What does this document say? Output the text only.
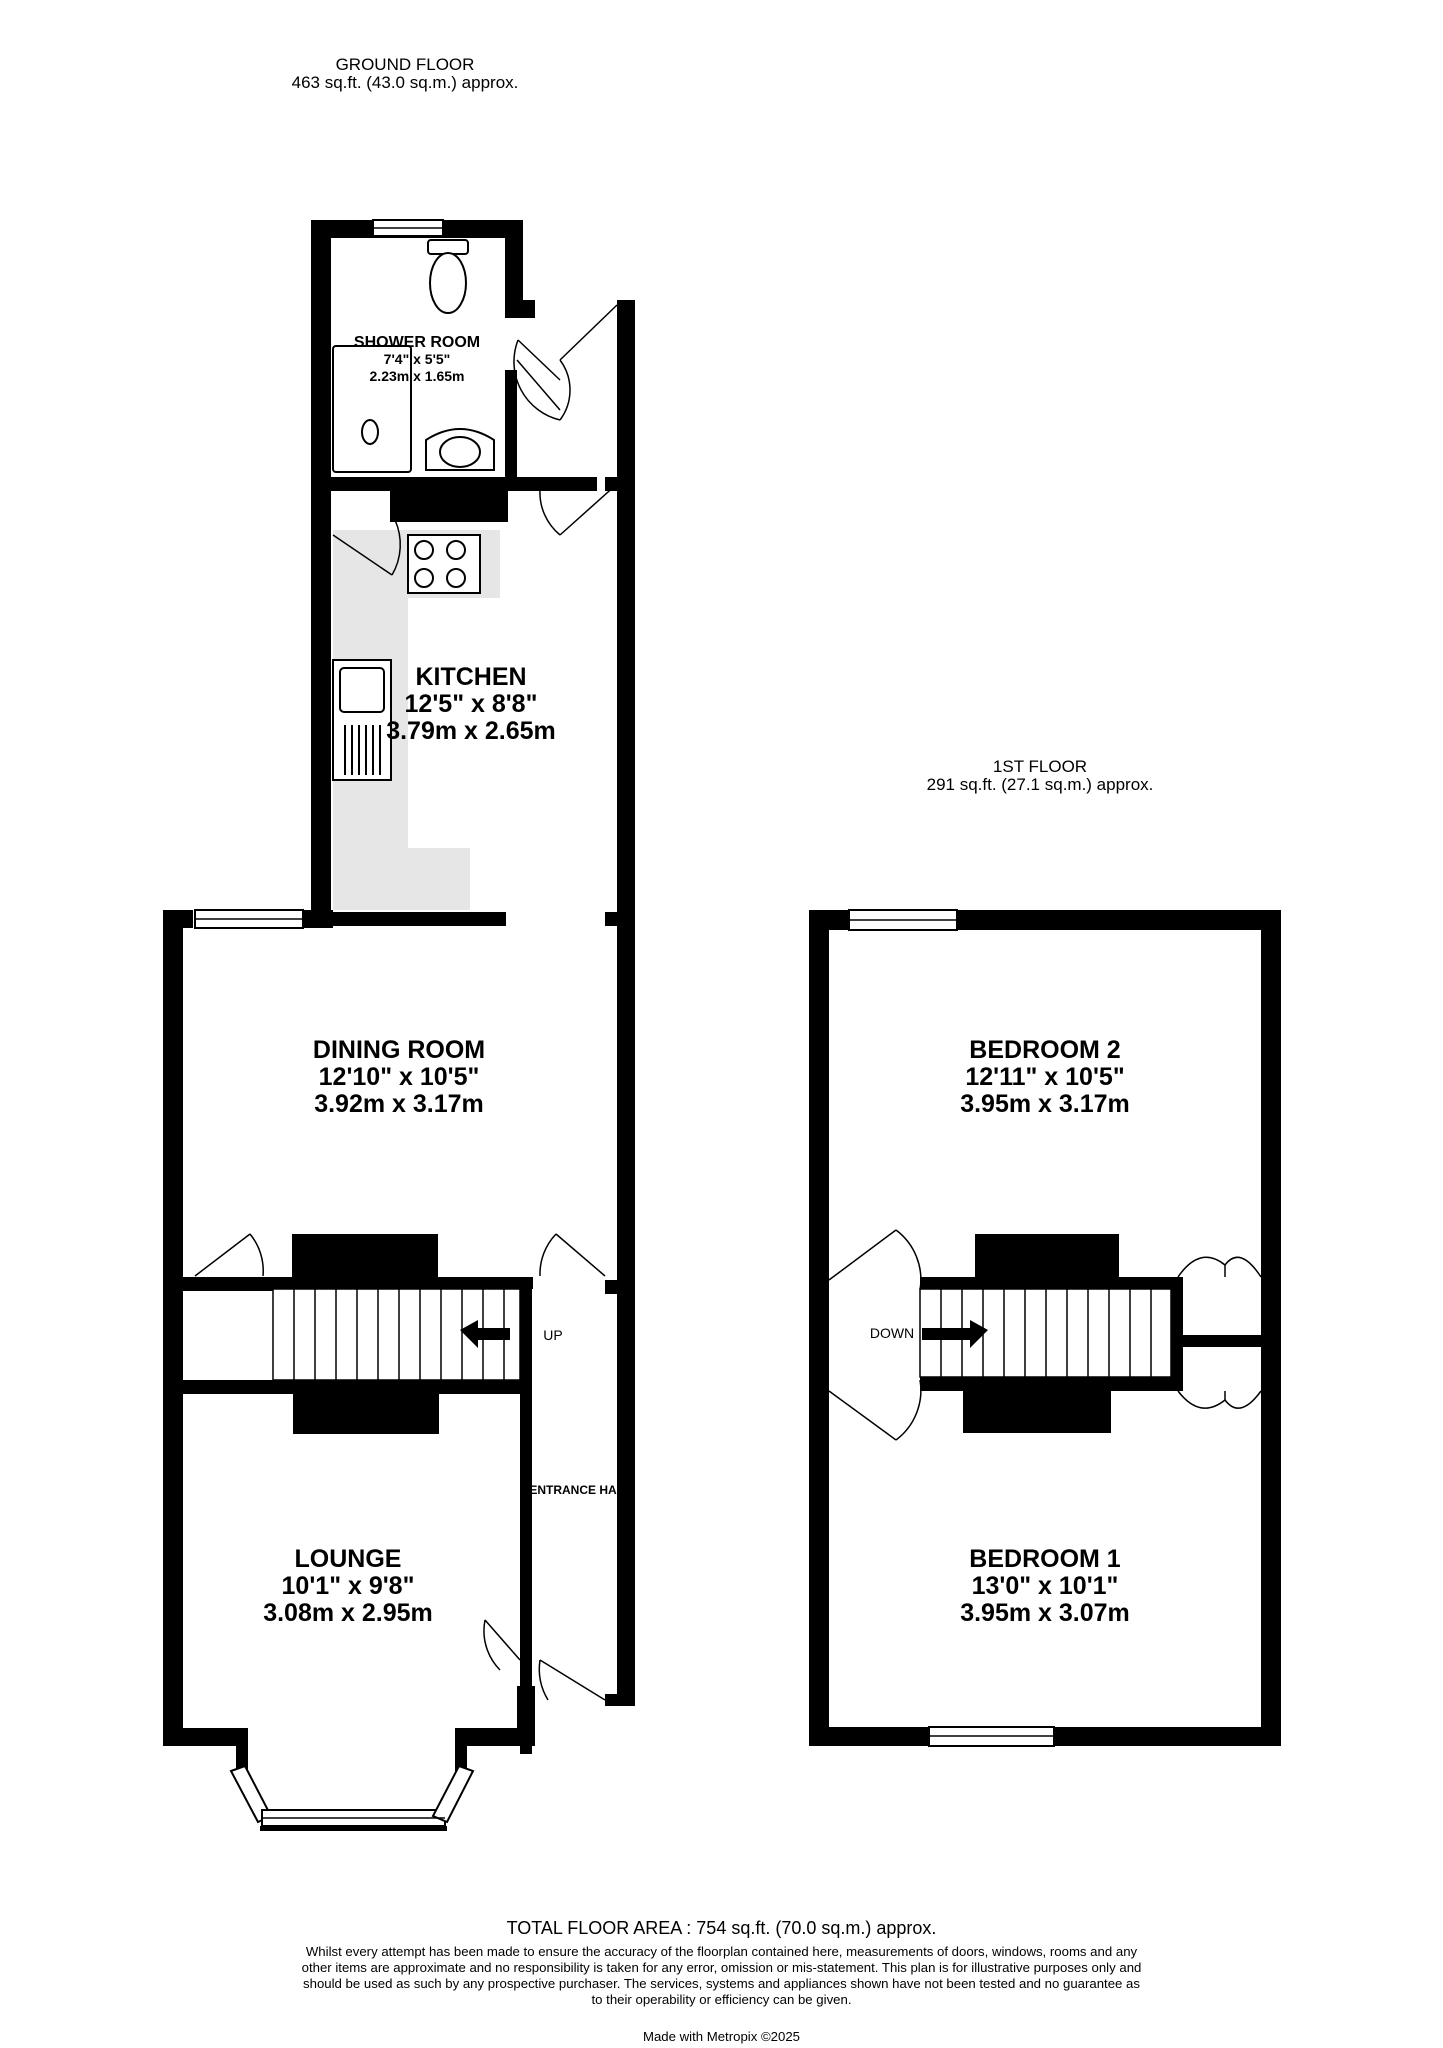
GROUND FLOOR
463 sq.ft. (43.0 sq.m.) approx.
1ST FLOOR
291 sq.ft. (27.1 sq.m.) approx.
SHOWER ROOM
7'4" x 5'5"
2.23m x 1.65m
KITCHEN
12'5" x 8'8"
3.79m x 2.65m
DINING ROOM
12'10" x 10'5"
3.92m x 3.17m
LOUNGE
10'1" x 9'8"
3.08m x 2.95m
ENTRANCE HA
UP
BEDROOM 2
12'11" x 10'5"
3.95m x 3.17m
BEDROOM 1
13'0" x 10'1"
3.95m x 3.07m
DOWN
TOTAL FLOOR AREA : 754 sq.ft. (70.0 sq.m.) approx.
Whilst every attempt has been made to ensure the accuracy of the floorplan contained here, measurements of doors, windows, rooms and any other items are approximate and no responsibility is taken for any error, omission or mis-statement. This plan is for illustrative purposes only and should be used as such by any prospective purchaser. The services, systems and appliances shown have not been tested and no guarantee as to their operability or efficiency can be given.
Made with Metropix ©2025
